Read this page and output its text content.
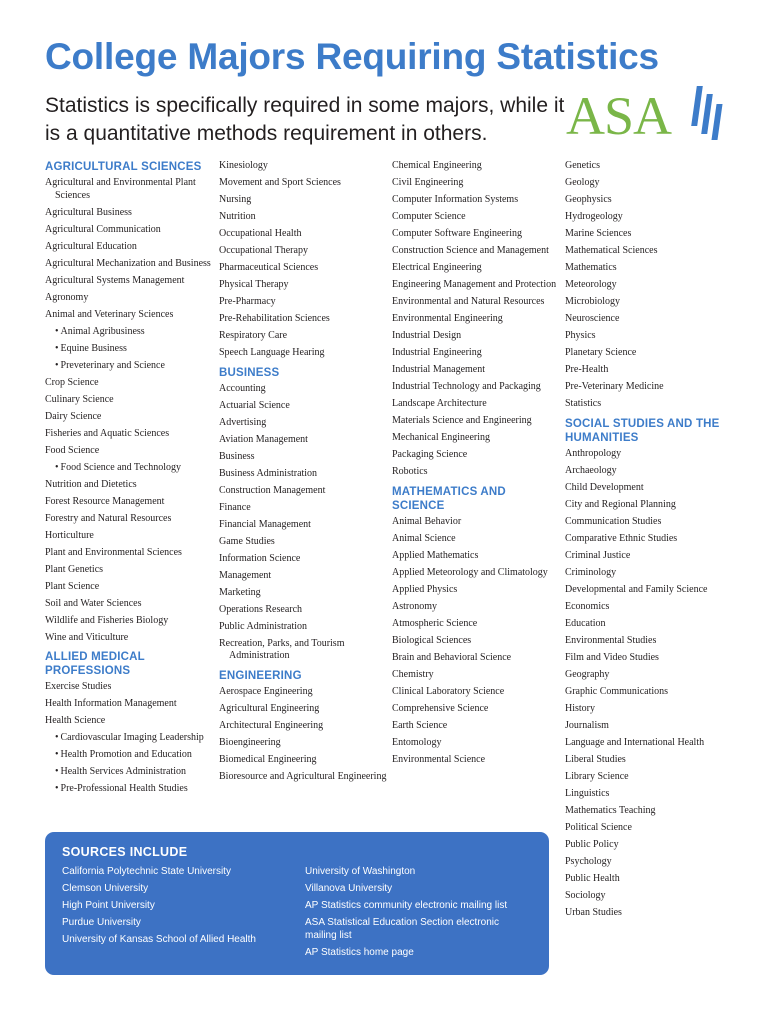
College Majors Requiring Statistics

Statistics is specifically required in some majors, while it is a quantitative methods requirement in others.	ASA
AGRICULTURAL SCIENCES
Agricultural and Environmental Plant Sciences
Agricultural Business
Agricultural Communication
Agricultural Education
Agricultural Mechanization and Business
Agricultural Systems Management
Agronomy
Animal and Veterinary Sciences
• Animal Agribusiness
• Equine Business
• Preveterinary and Science
Crop Science
Culinary Science
Dairy Science
Fisheries and Aquatic Sciences
Food Science
• Food Science and Technology
Nutrition and Dietetics
Forest Resource Management
Forestry and Natural Resources
Horticulture
Plant and Environmental Sciences
Plant Genetics
Plant Science
Soil and Water Sciences
Wildlife and Fisheries Biology
Wine and Viticulture
ALLIED MEDICAL PROFESSIONS
Exercise Studies
Health Information Management
Health Science
• Cardiovascular Imaging Leadership
• Health Promotion and Education
• Health Services Administration
• Pre-Professional Health Studies
Kinesiology
Movement and Sport Sciences
Nursing
Nutrition
Occupational Health
Occupational Therapy
Pharmaceutical Sciences
Physical Therapy
Pre-Pharmacy
Pre-Rehabilitation Sciences
Respiratory Care
Speech Language Hearing
BUSINESS
Accounting
Actuarial Science
Advertising
Aviation Management
Business
Business Administration
Construction Management
Finance
Financial Management
Game Studies
Information Science
Management
Marketing
Operations Research
Public Administration
Recreation, Parks, and Tourism Administration
ENGINEERING
Aerospace Engineering
Agricultural Engineering
Architectural Engineering
Bioengineering
Biomedical Engineering
Bioresource and Agricultural Engineering
Chemical Engineering
Civil Engineering
Computer Information Systems
Computer Science
Computer Software Engineering
Construction Science and Management
Electrical Engineering
Engineering Management and Protection
Environmental and Natural Resources
Environmental Engineering
Industrial Design
Industrial Engineering
Industrial Management
Industrial Technology and Packaging
Landscape Architecture
Materials Science and Engineering
Mechanical Engineering
Packaging Science
Robotics
MATHEMATICS AND SCIENCE
Animal Behavior
Animal Science
Applied Mathematics
Applied Meteorology and Climatology
Applied Physics
Astronomy
Atmospheric Science
Biological Sciences
Brain and Behavioral Science
Chemistry
Clinical Laboratory Science
Comprehensive Science
Earth Science
Entomology
Environmental Science
Genetics
Geology
Geophysics
Hydrogeology
Marine Sciences
Mathematical Sciences
Mathematics
Meteorology
Microbiology
Neuroscience
Physics
Planetary Science
Pre-Health
Pre-Veterinary Medicine
Statistics
SOCIAL STUDIES AND THE HUMANITIES
Anthropology
Archaeology
Child Development
City and Regional Planning
Communication Studies
Comparative Ethnic Studies
Criminal Justice
Criminology
Developmental and Family Science
Economics
Education
Environmental Studies
Film and Video Studies
Geography
Graphic Communications
History
Journalism
Language and International Health
Liberal Studies
Library Science
Linguistics
Mathematics Teaching
Political Science
Public Policy
Psychology
Public Health
Sociology
Urban Studies
SOURCES INCLUDE
California Polytechnic State University
Clemson University
High Point University
Purdue University
University of Kansas School of Allied Health
University of Washington
Villanova University
AP Statistics community electronic mailing list
ASA Statistical Education Section electronic mailing list
AP Statistics home page
